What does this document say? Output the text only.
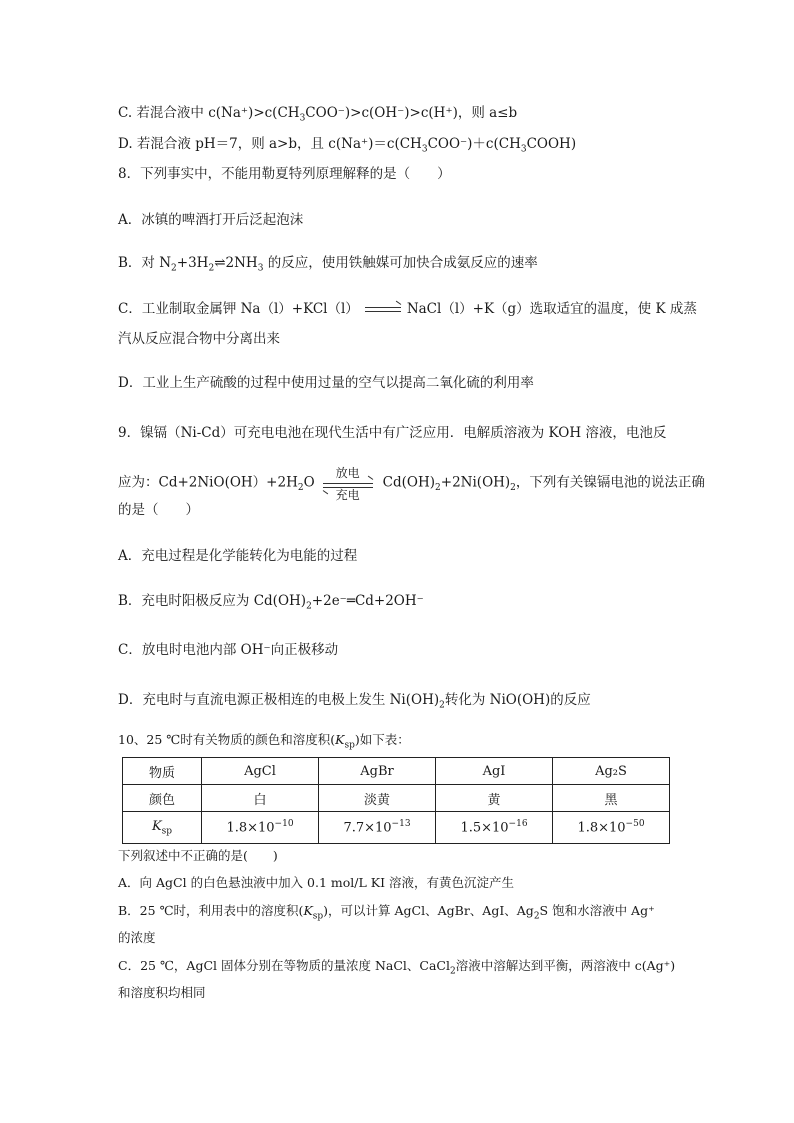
C. 若混合液中 $c(Na^+)>c(CH_3COO^-)>c(OH^-)>c(H^+)$，则 a≤b
D. 若混合液 pH＝7，则 a>b，且 $c(Na^+)=c(CH_3COO^-)+c(CH_3COOH)$
8．下列事实中，不能用勒夏特列原理解释的是（　　）
A．冰镇的啤酒打开后泛起泡沫
B．对 $N_2+3H_2\rightleftharpoons 2NH_3$ 的反应，使用铁触媒可加快合成氨反应的速率
C．工业制取金属钾 Na（l）+KCl（l）	NaCl（l）+K（g）选取适宜的温度，使 K 成蒸
汽从反应混合物中分离出来
D．工业上生产硫酸的过程中使用过量的空气以提高二氧化硫的利用率
9．镍镉（Ni-Cd）可充电电池在现代生活中有广泛应用．电解质溶液为 KOH 溶液，电池反
应为：$Cd+2NiO(OH)+2H_2O$
放电
充电
$Cd(OH)_2+2Ni(OH)_2$，下列有关镍镉电池的说法正确
的是（　　）
A．充电过程是化学能转化为电能的过程
B．充电时阳极反应为 $Cd(OH)_2+2e^-═Cd+2OH^-$
C．放电时电池内部 OH⁻向正极移动
D．充电时与直流电源正极相连的电极上发生 $Ni(OH)_2$转化为 NiO(OH)的反应
10、25 ℃时有关物质的颜色和溶度积$(K_{sp})$如下表：
物质	AgCl	AgBr	AgI	Ag₂S
颜色	白	淡黄	黄	黑
$K_{sp}$	$1.8\times 10^{-10}$	$7.7\times 10^{-13}$	$1.5\times 10^{-16}$	$1.8\times 10^{-50}$
下列叙述中不正确的是(　　)
A．向 AgCl 的白色悬浊液中加入 0.1 mol/L KI 溶液，有黄色沉淀产生
B．25 ℃时，利用表中的溶度积$(K_{sp})$，可以计算 AgCl、AgBr、AgI、$Ag_2S$ 饱和水溶液中 Ag⁺
的浓度
C．25 ℃，AgCl 固体分别在等物质的量浓度 NaCl、CaCl$_2$溶液中溶解达到平衡，两溶液中 c(Ag⁺)
和溶度积均相同
